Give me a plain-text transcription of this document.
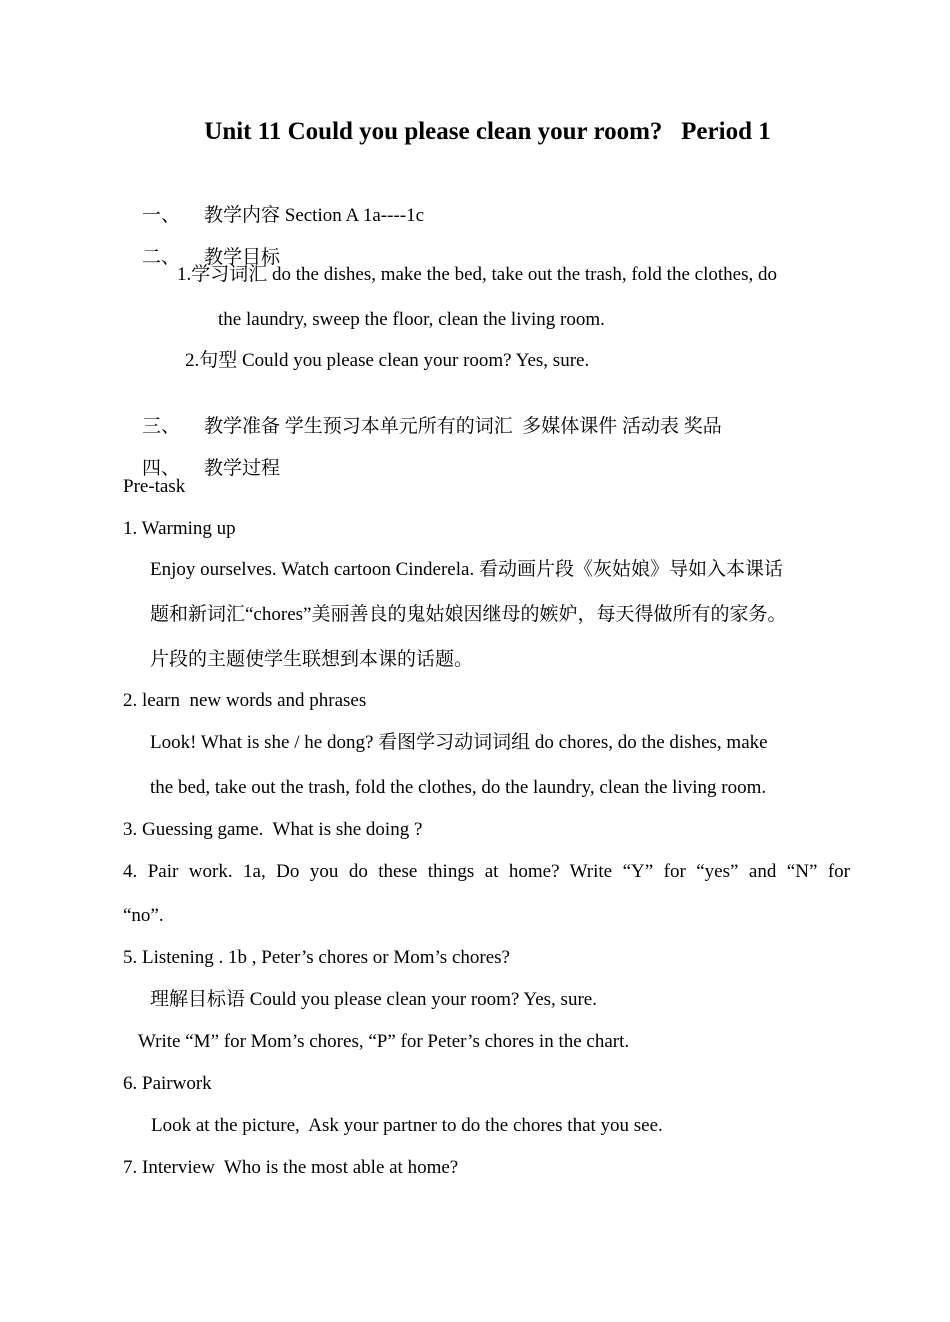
Unit 11 Could you please clean your room?   Period 1

一、 教学内容 Section A 1a----1c

二、 教学目标

1.学习词汇 do the dishes, make the bed, take out the trash, fold the clothes, do
the laundry, sweep the floor, clean the living room.
2.句型 Could you please clean your room? Yes, sure.

三、 教学准备 学生预习本单元所有的词汇  多媒体课件 活动表 奖品

四、 教学过程

Pre-task
1. Warming up
Enjoy ourselves. Watch cartoon Cinderela. 看动画片段《灰姑娘》导如入本课话
题和新词汇“chores”美丽善良的鬼姑娘因继母的嫉妒，每天得做所有的家务。
片段的主题使学生联想到本课的话题。
2. learn  new words and phrases
Look! What is she / he dong? 看图学习动词词组 do chores, do the dishes, make
the bed, take out the trash, fold the clothes, do the laundry, clean the living room.
3. Guessing game.  What is she doing ?
4. Pair work. 1a, Do you do these things at home? Write “Y” for “yes” and “N” for
“no”.
5. Listening . 1b , Peter’s chores or Mom’s chores?
理解目标语 Could you please clean your room? Yes, sure.
Write “M” for Mom’s chores, “P” for Peter’s chores in the chart.
6. Pairwork
Look at the picture,  Ask your partner to do the chores that you see.
7. Interview  Who is the most able at home?
